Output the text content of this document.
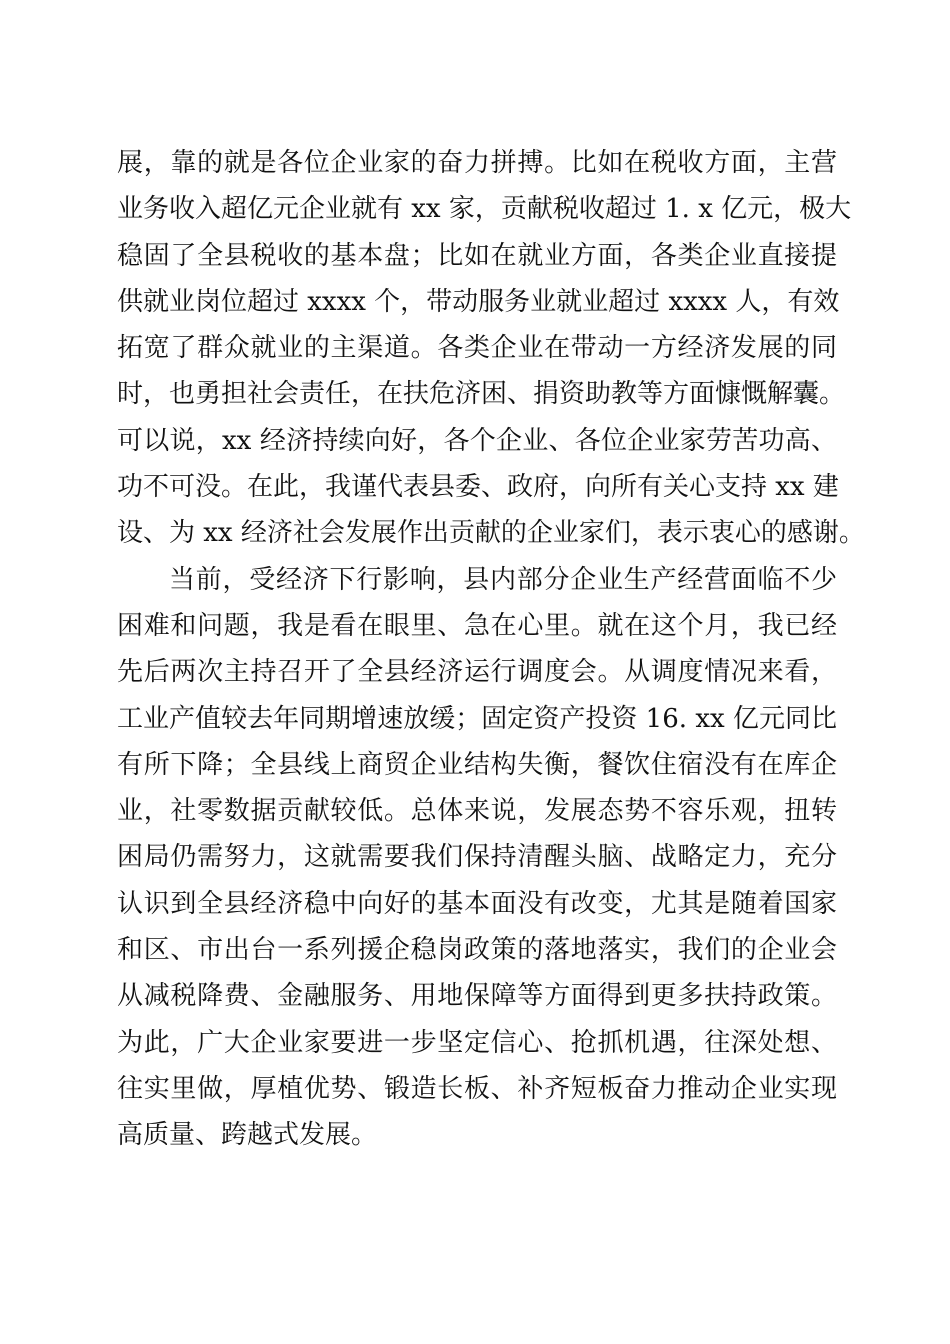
展，靠的就是各位企业家的奋力拼搏。比如在税收方面，主营
业务收入超亿元企业就有 xx 家，贡献税收超过 1. x 亿元，极大
稳固了全县税收的基本盘；比如在就业方面，各类企业直接提
供就业岗位超过 xxxx 个，带动服务业就业超过 xxxx 人，有效
拓宽了群众就业的主渠道。各类企业在带动一方经济发展的同
时，也勇担社会责任，在扶危济困、捐资助教等方面慷慨解囊。
可以说，xx 经济持续向好，各个企业、各位企业家劳苦功高、
功不可没。在此，我谨代表县委、政府，向所有关心支持 xx 建
设、为 xx 经济社会发展作出贡献的企业家们，表示衷心的感谢。
当前，受经济下行影响，县内部分企业生产经营面临不少
困难和问题，我是看在眼里、急在心里。就在这个月，我已经
先后两次主持召开了全县经济运行调度会。从调度情况来看，
工业产值较去年同期增速放缓；固定资产投资 16. xx 亿元同比
有所下降；全县线上商贸企业结构失衡，餐饮住宿没有在库企
业，社零数据贡献较低。总体来说，发展态势不容乐观，扭转
困局仍需努力，这就需要我们保持清醒头脑、战略定力，充分
认识到全县经济稳中向好的基本面没有改变，尤其是随着国家
和区、市出台一系列援企稳岗政策的落地落实，我们的企业会
从减税降费、金融服务、用地保障等方面得到更多扶持政策。
为此，广大企业家要进一步坚定信心、抢抓机遇，往深处想、
往实里做，厚植优势、锻造长板、补齐短板奋力推动企业实现
高质量、跨越式发展。
